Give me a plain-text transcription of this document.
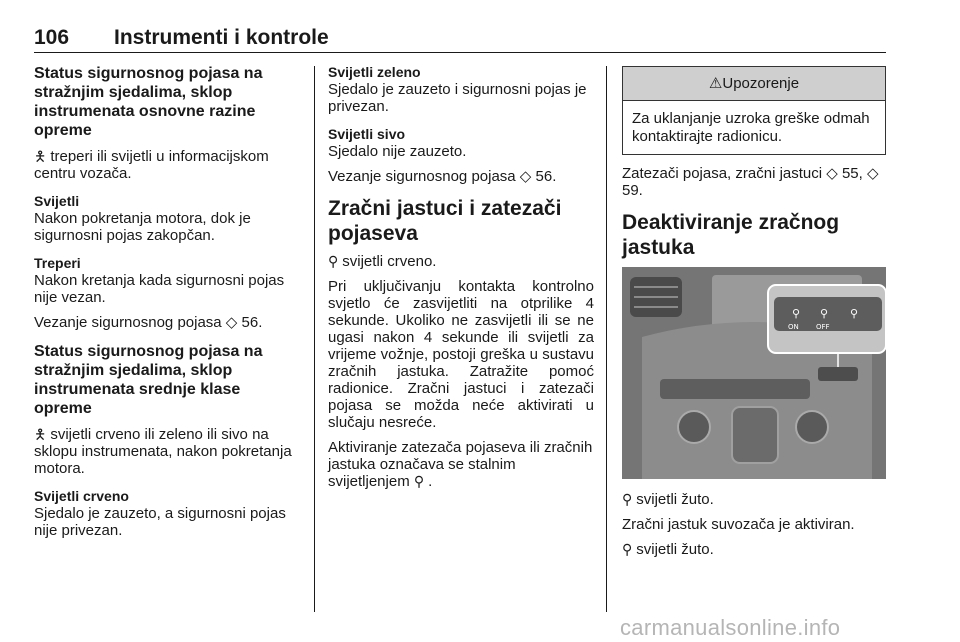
106 Instrumenti i kontrole
Status sigurnosnog pojasa na stražnjim sjedalima, sklop instrumenata osnovne razine opreme

🯅 treperi ili svijetli u informacijskom centru vozača.

Svijetli

Nakon pokretanja motora, dok je sigurnosni pojas zakopčan.

Treperi

Nakon kretanja kada sigurnosni pojas nije vezan.

Vezanje sigurnosnog pojasa ◇ 56.

Status sigurnosnog pojasa na stražnjim sjedalima, sklop instrumenata srednje klase opreme

🯅 svijetli crveno ili zeleno ili sivo na sklopu instrumenata, nakon pokretanja motora.

Svijetli crveno

Sjedalo je zauzeto, a sigurnosni pojas nije privezan.

Svijetli zeleno

Sjedalo je zauzeto i sigurnosni pojas je privezan.

Svijetli sivo

Sjedalo nije zauzeto.

Vezanje sigurnosnog pojasa ◇ 56.

Zračni jastuci i zatezači pojaseva

⚲ svijetli crveno.

Pri uključivanju kontakta kontrolno svjetlo će zasvijetliti na otprilike 4 sekunde. Ukoliko ne zasvijetli ili se ne ugasi nakon 4 sekunde ili svijetli za vrijeme vožnje, postoji greška u sustavu zračnih jastuka. Zatražite pomoć radionice. Zračni jastuci i zatezači pojasa se možda neće aktivirati u slučaju nesreće.

Aktiviranje zatezača pojaseva ili zračnih jastuka označava se stalnim svijetljenjem ⚲ .

⚠Upozorenje
Za uklanjanje uzroka greške odmah kontaktirajte radionicu.

Zatezači pojasa, zračni jastuci ◇ 55, ◇ 59.

Deaktiviranje zračnog jastuka
⚲ ⚲ ⚲
ON OFF

⚲ svijetli žuto.

Zračni jastuk suvozača je aktiviran.

⚲ svijetli žuto.

carmanualsonline.info
